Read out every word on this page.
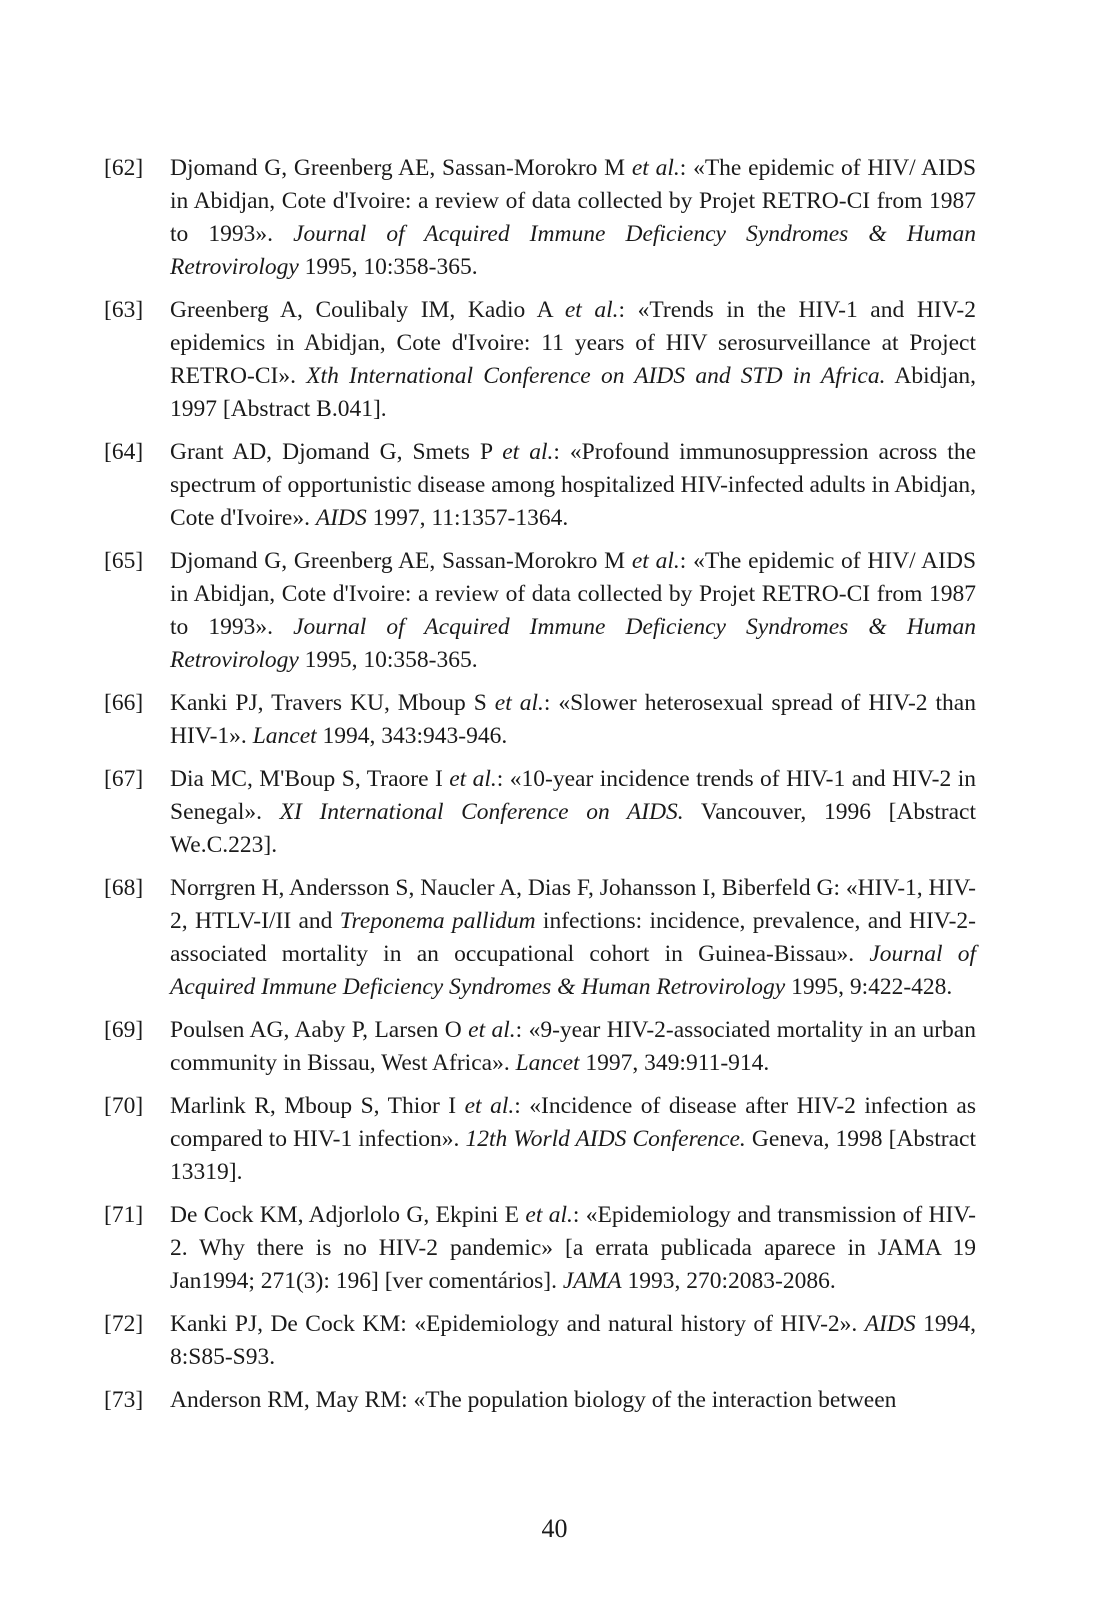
[62] Djomand G, Greenberg AE, Sassan-Morokro M et al.: «The epidemic of HIV/ AIDS in Abidjan, Cote d'Ivoire: a review of data collected by Projet RETRO-CI from 1987 to 1993». Journal of Acquired Immune Deficiency Syndromes & Human Retrovirology 1995, 10:358-365.
[63] Greenberg A, Coulibaly IM, Kadio A et al.: «Trends in the HIV-1 and HIV-2 epidemics in Abidjan, Cote d'Ivoire: 11 years of HIV serosurveillance at Project RETRO-CI». Xth International Conference on AIDS and STD in Africa. Abidjan, 1997 [Abstract B.041].
[64] Grant AD, Djomand G, Smets P et al.: «Profound immunosuppression across the spectrum of opportunistic disease among hospitalized HIV-infected adults in Abidjan, Cote d'Ivoire». AIDS 1997, 11:1357-1364.
[65] Djomand G, Greenberg AE, Sassan-Morokro M et al.: «The epidemic of HIV/ AIDS in Abidjan, Cote d'Ivoire: a review of data collected by Projet RETRO-CI from 1987 to 1993». Journal of Acquired Immune Deficiency Syndromes & Human Retrovirology 1995, 10:358-365.
[66] Kanki PJ, Travers KU, Mboup S et al.: «Slower heterosexual spread of HIV-2 than HIV-1». Lancet 1994, 343:943-946.
[67] Dia MC, M'Boup S, Traore I et al.: «10-year incidence trends of HIV-1 and HIV-2 in Senegal». XI International Conference on AIDS. Vancouver, 1996 [Abstract We.C.223].
[68] Norrgren H, Andersson S, Naucler A, Dias F, Johansson I, Biberfeld G: «HIV-1, HIV-2, HTLV-I/II and Treponema pallidum infections: incidence, prevalence, and HIV-2-associated mortality in an occupational cohort in Guinea-Bissau». Journal of Acquired Immune Deficiency Syndromes & Human Retrovirology 1995, 9:422-428.
[69] Poulsen AG, Aaby P, Larsen O et al.: «9-year HIV-2-associated mortality in an urban community in Bissau, West Africa». Lancet 1997, 349:911-914.
[70] Marlink R, Mboup S, Thior I et al.: «Incidence of disease after HIV-2 infection as compared to HIV-1 infection». 12th World AIDS Conference. Geneva, 1998 [Abstract 13319].
[71] De Cock KM, Adjorlolo G, Ekpini E et al.: «Epidemiology and transmission of HIV-2. Why there is no HIV-2 pandemic» [a errata publicada aparece in JAMA 19 Jan1994; 271(3): 196] [ver comentários]. JAMA 1993, 270:2083-2086.
[72] Kanki PJ, De Cock KM: «Epidemiology and natural history of HIV-2». AIDS 1994, 8:S85-S93.
[73] Anderson RM, May RM: «The population biology of the interaction between
40
